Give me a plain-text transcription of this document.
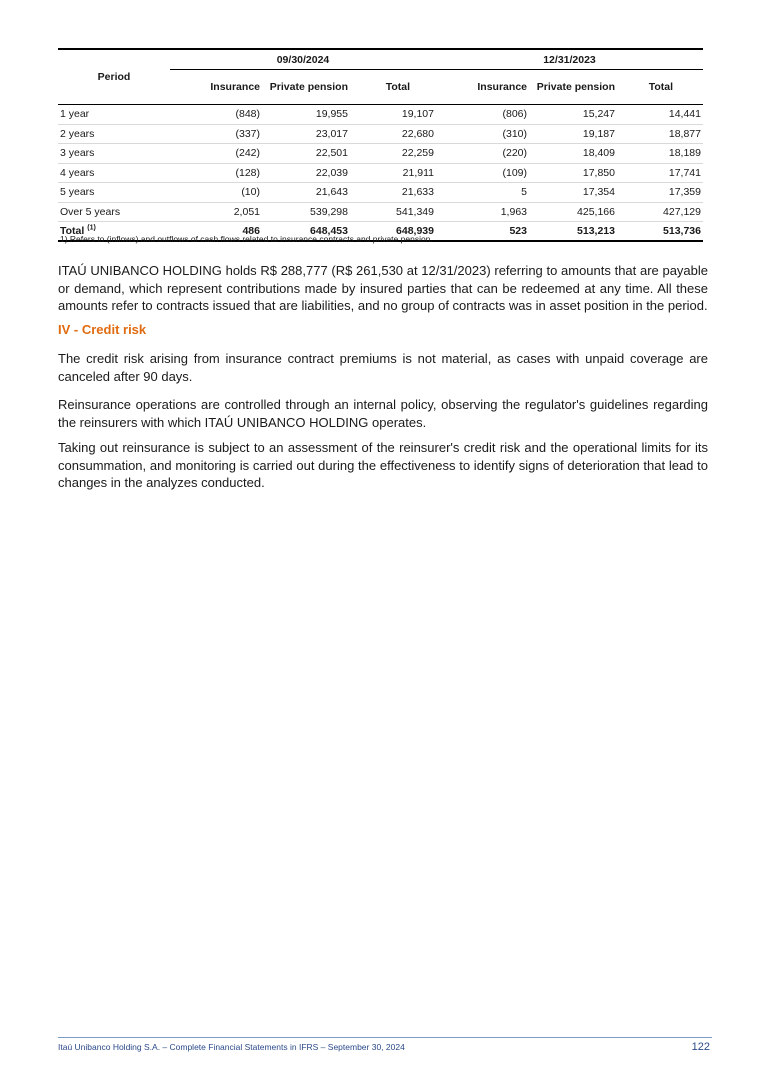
Period	09/30/2024			12/31/2023		
	Insurance	Private pension	Total	Insurance	Private pension	Total
1 year	(848)	19,955	19,107	(806)	15,247	14,441
2 years	(337)	23,017	22,680	(310)	19,187	18,877
3 years	(242)	22,501	22,259	(220)	18,409	18,189
4 years	(128)	22,039	21,911	(109)	17,850	17,741
5 years	(10)	21,643	21,633	5	17,354	17,359
Over 5 years	2,051	539,298	541,349	1,963	425,166	427,129
Total $^{(1)}$	486	648,453	648,939	523	513,213	513,736
1) Refers to (inflows) and outflows of cash flows related to insurance contracts and private pension.

ITAÚ UNIBANCO HOLDING holds R$ 288,777 (R$ 261,530 at 12/31/2023) referring to amounts that are payable or demand, which represent contributions made by insured parties that can be redeemed at any time. All these amounts refer to contracts issued that are liabilities, and no group of contracts was in asset position in the period.

IV - Credit risk

The credit risk arising from insurance contract premiums is not material, as cases with unpaid coverage are canceled after 90 days.

Reinsurance operations are controlled through an internal policy, observing the regulator's guidelines regarding the reinsurers with which ITAÚ UNIBANCO HOLDING operates.

Taking out reinsurance is subject to an assessment of the reinsurer's credit risk and the operational limits for its consummation, and monitoring is carried out during the effectiveness to identify signs of deterioration that lead to changes in the analyzes conducted.

Itaú Unibanco Holding S.A. – Complete Financial Statements in IFRS – September 30, 2024	122
